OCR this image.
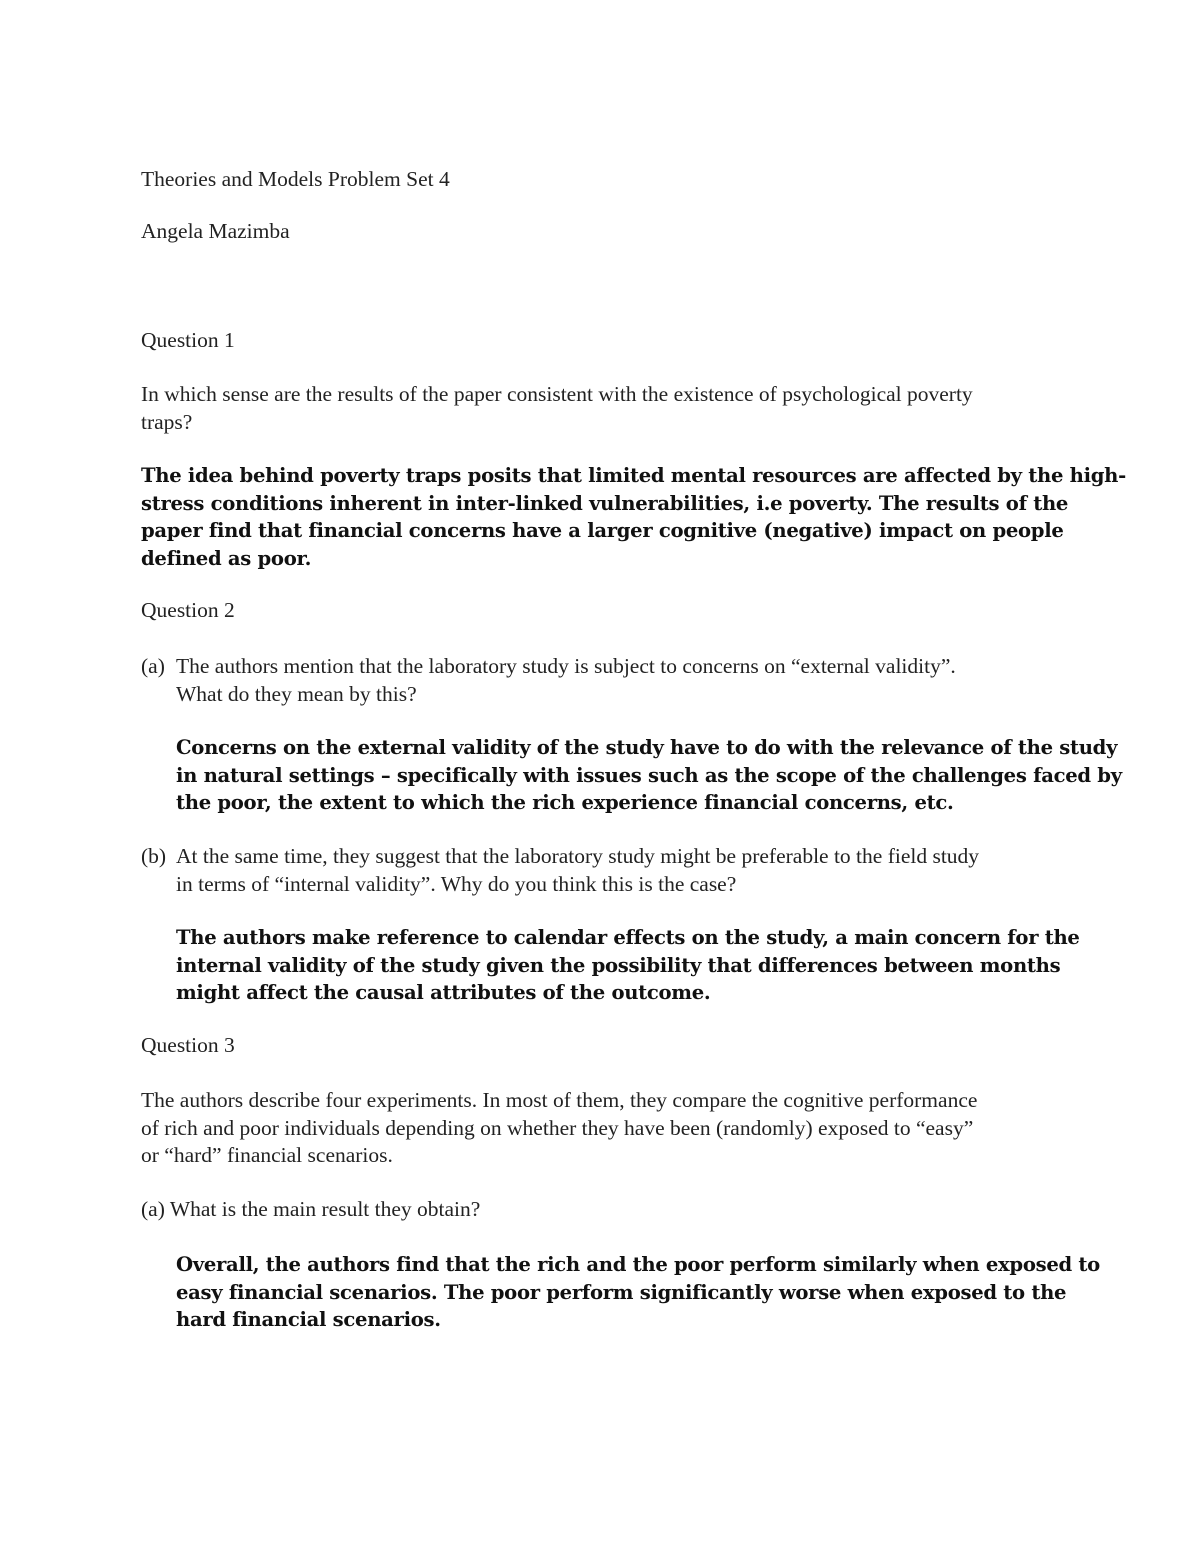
Theories and Models Problem Set 4

Angela Mazimba

Question 1

In which sense are the results of the paper consistent with the existence of psychological poverty
traps?

The idea behind poverty traps posits that limited mental resources are affected by the high-
stress conditions inherent in inter-linked vulnerabilities, i.e poverty. The results of the
paper find that financial concerns have a larger cognitive (negative) impact on people
defined as poor.

Question 2

(a) The authors mention that the laboratory study is subject to concerns on “external validity”.
What do they mean by this?

Concerns on the external validity of the study have to do with the relevance of the study
in natural settings – specifically with issues such as the scope of the challenges faced by
the poor, the extent to which the rich experience financial concerns, etc.

(b) At the same time, they suggest that the laboratory study might be preferable to the field study
in terms of “internal validity”. Why do you think this is the case?

The authors make reference to calendar effects on the study, a main concern for the
internal validity of the study given the possibility that differences between months
might affect the causal attributes of the outcome.

Question 3

The authors describe four experiments. In most of them, they compare the cognitive performance
of rich and poor individuals depending on whether they have been (randomly) exposed to “easy”
or “hard” financial scenarios.

(a) What is the main result they obtain?

Overall, the authors find that the rich and the poor perform similarly when exposed to
easy financial scenarios. The poor perform significantly worse when exposed to the
hard financial scenarios.
